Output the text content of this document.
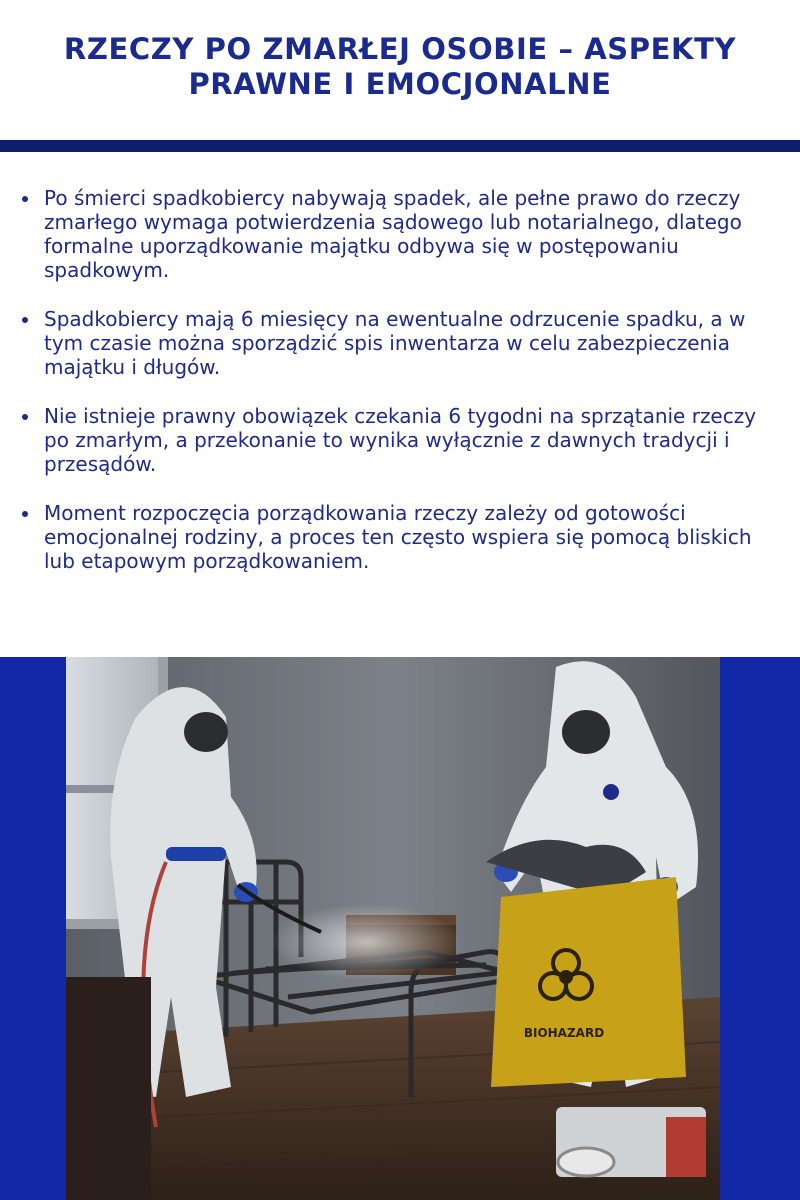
RZECZY PO ZMARŁEJ OSOBIE – ASPEKTY PRAWNE I EMOCJONALNE
Po śmierci spadkobiercy nabywają spadek, ale pełne prawo do rzeczy zmarłego wymaga potwierdzenia sądowego lub notarialnego, dlatego formalne uporządkowanie majątku odbywa się w postępowaniu spadkowym.
Spadkobiercy mają 6 miesięcy na ewentualne odrzucenie spadku, a w tym czasie można sporządzić spis inwentarza w celu zabezpieczenia majątku i długów.
Nie istnieje prawny obowiązek czekania 6 tygodni na sprzątanie rzeczy po zmarłym, a przekonanie to wynika wyłącznie z dawnych tradycji i przesądów.
Moment rozpoczęcia porządkowania rzeczy zależy od gotowości emocjonalnej rodziny, a proces ten często wspiera się pomocą bliskich lub etapowym porządkowaniem.
BIOHAZARD
